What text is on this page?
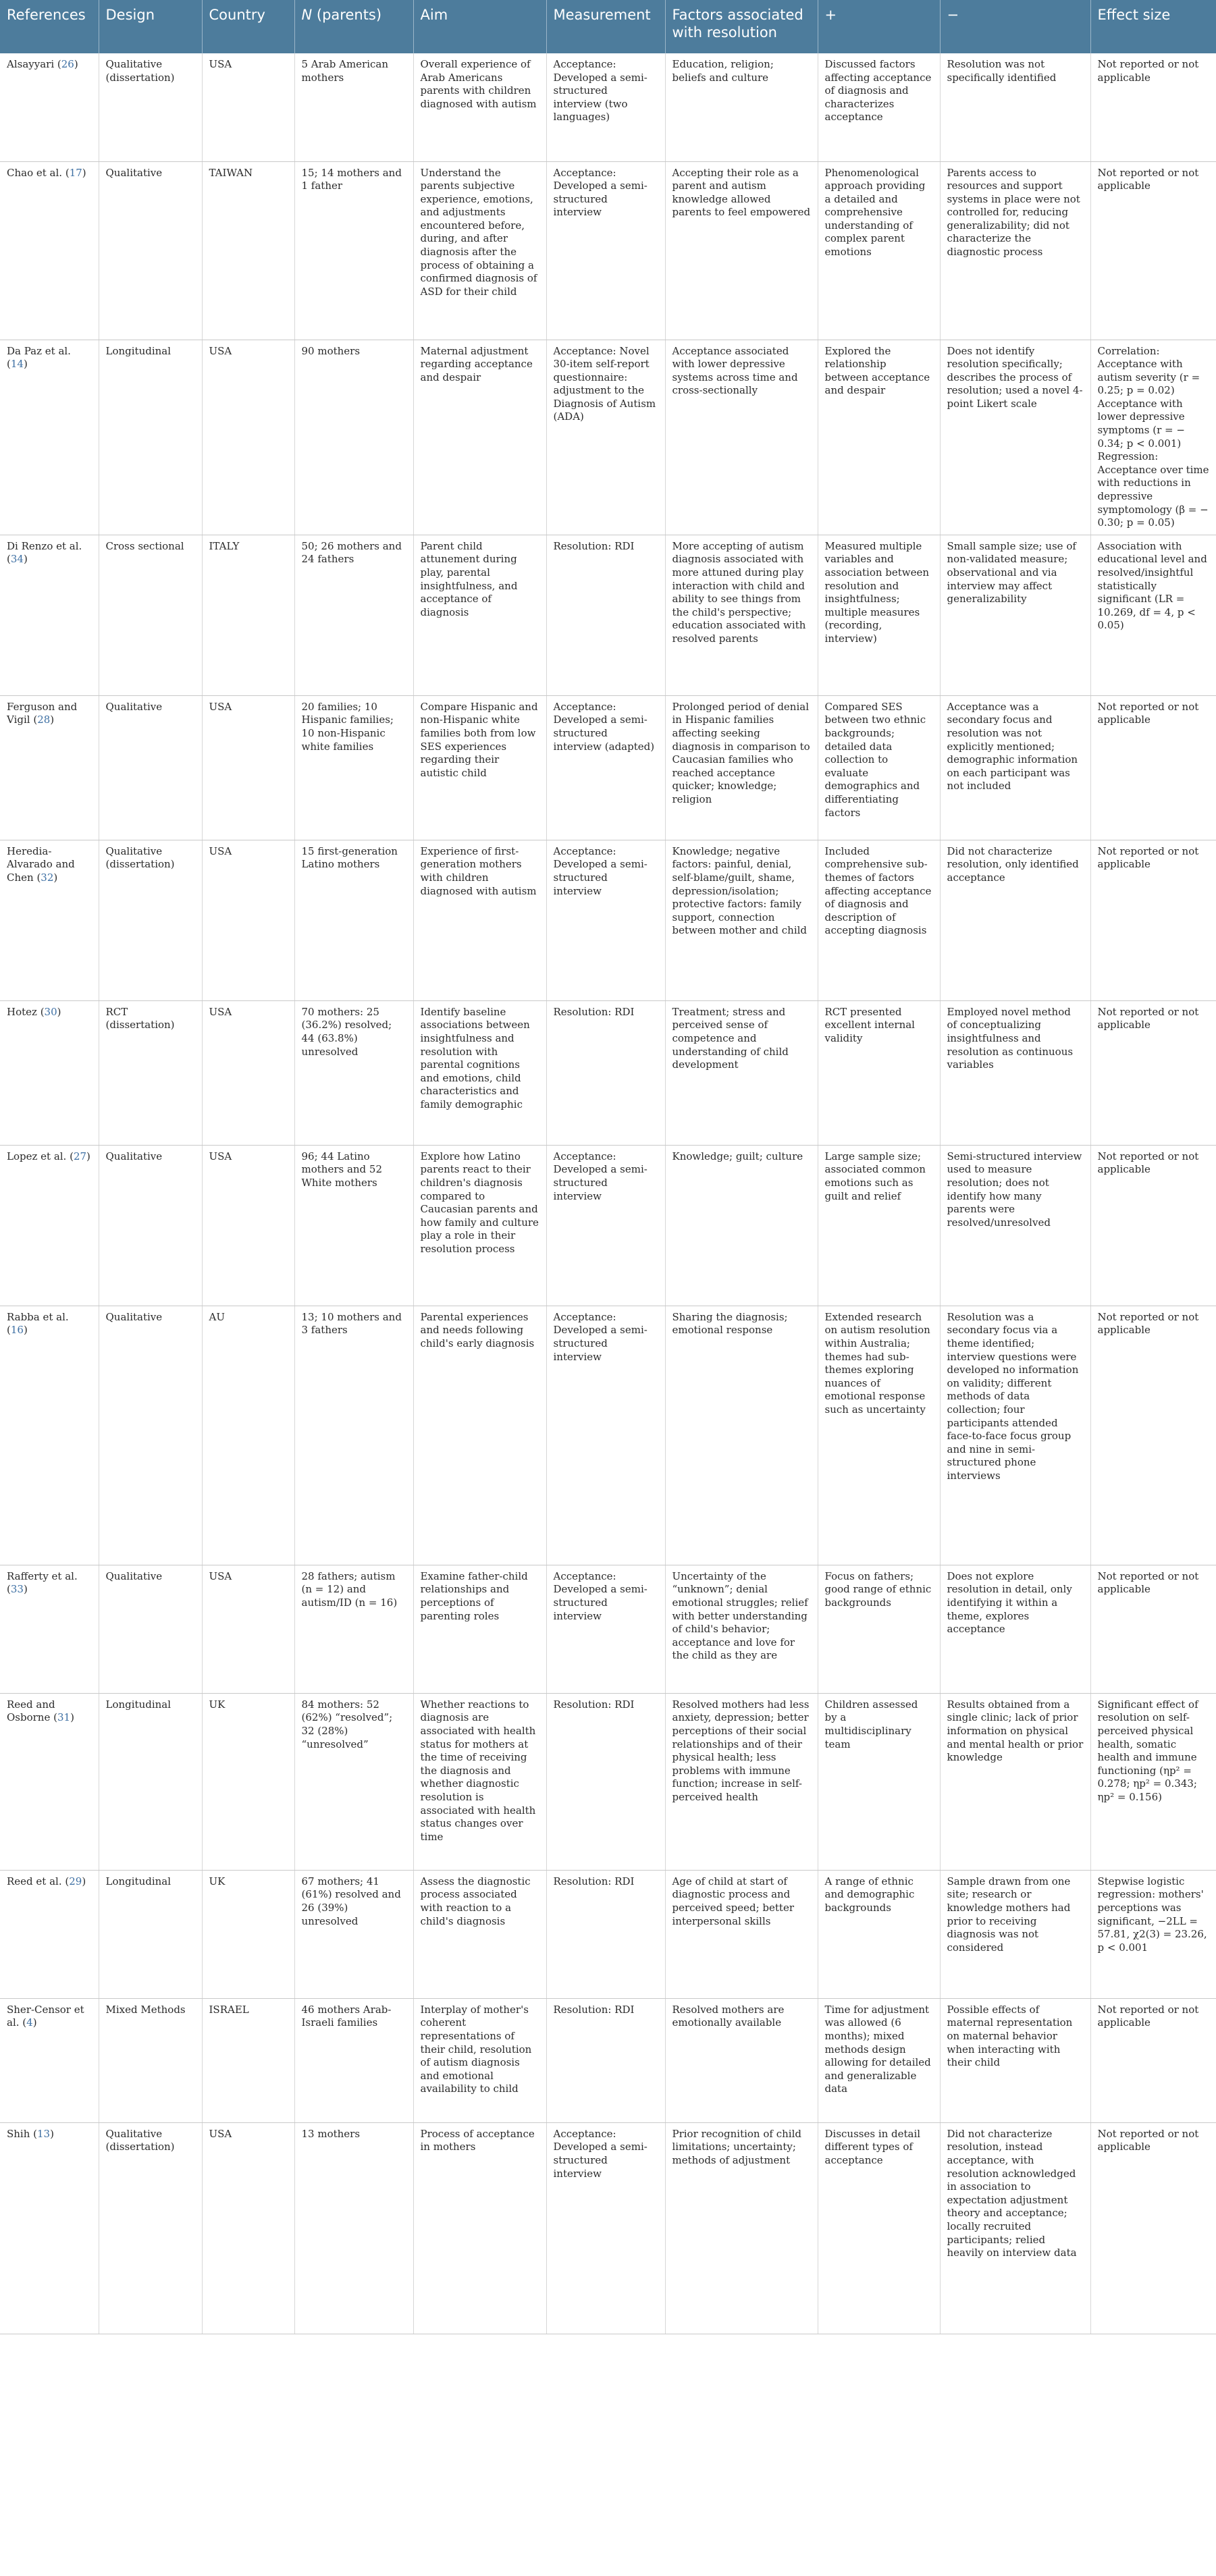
References	Design	Country	N (parents)	Aim	Measurement	Factors associated with resolution	+	−	Effect size
Alsayyari (26)	Qualitative (dissertation)	USA	5 Arab American mothers	Overall experience of Arab Americans parents with children diagnosed with autism	Acceptance: Developed a semi-structured interview (two languages)	Education, religion; beliefs and culture	Discussed factors affecting acceptance of diagnosis and characterizes acceptance	Resolution was not specifically identified	Not reported or not applicable
Chao et al. (17)	Qualitative	TAIWAN	15; 14 mothers and 1 father	Understand the parents subjective experience, emotions, and adjustments encountered before, during, and after diagnosis after the process of obtaining a confirmed diagnosis of ASD for their child	Acceptance: Developed a semi-structured interview	Accepting their role as a parent and autism knowledge allowed parents to feel empowered	Phenomenological approach providing a detailed and comprehensive understanding of complex parent emotions	Parents access to resources and support systems in place were not controlled for, reducing generalizability; did not characterize the diagnostic process	Not reported or not applicable
Da Paz et al. (14)	Longitudinal	USA	90 mothers	Maternal adjustment regarding acceptance and despair	Acceptance: Novel 30-item self-report questionnaire: adjustment to the Diagnosis of Autism (ADA)	Acceptance associated with lower depressive systems across time and cross-sectionally	Explored the relationship between acceptance and despair	Does not identify resolution specifically; describes the process of resolution; used a novel 4-point Likert scale	Correlation: Acceptance with autism severity (r = 0.25; p = 0.02) Acceptance with lower depressive symptoms (r = − 0.34; p < 0.001) Regression: Acceptance over time with reductions in depressive symptomology (β = − 0.30; p = 0.05)
Di Renzo et al. (34)	Cross sectional	ITALY	50; 26 mothers and 24 fathers	Parent child attunement during play, parental insightfulness, and acceptance of diagnosis	Resolution: RDI	More accepting of autism diagnosis associated with more attuned during play interaction with child and ability to see things from the child's perspective; education associated with resolved parents	Measured multiple variables and association between resolution and insightfulness; multiple measures (recording, interview)	Small sample size; use of non-validated measure; observational and via interview may affect generalizability	Association with educational level and resolved/insightful statistically significant (LR = 10.269, df = 4, p < 0.05)
Ferguson and Vigil (28)	Qualitative	USA	20 families; 10 Hispanic families; 10 non-Hispanic white families	Compare Hispanic and non-Hispanic white families both from low SES experiences regarding their autistic child	Acceptance: Developed a semi-structured interview (adapted)	Prolonged period of denial in Hispanic families affecting seeking diagnosis in comparison to Caucasian families who reached acceptance quicker; knowledge; religion	Compared SES between two ethnic backgrounds; detailed data collection to evaluate demographics and differentiating factors	Acceptance was a secondary focus and resolution was not explicitly mentioned; demographic information on each participant was not included	Not reported or not applicable
Heredia-Alvarado and Chen (32)	Qualitative (dissertation)	USA	15 first-generation Latino mothers	Experience of first-generation mothers with children diagnosed with autism	Acceptance: Developed a semi-structured interview	Knowledge; negative factors: painful, denial, self-blame/guilt, shame, depression/isolation; protective factors: family support, connection between mother and child	Included comprehensive sub-themes of factors affecting acceptance of diagnosis and description of accepting diagnosis	Did not characterize resolution, only identified acceptance	Not reported or not applicable
Hotez (30)	RCT (dissertation)	USA	70 mothers: 25 (36.2%) resolved; 44 (63.8%) unresolved	Identify baseline associations between insightfulness and resolution with parental cognitions and emotions, child characteristics and family demographic	Resolution: RDI	Treatment; stress and perceived sense of competence and understanding of child development	RCT presented excellent internal validity	Employed novel method of conceptualizing insightfulness and resolution as continuous variables	Not reported or not applicable
Lopez et al. (27)	Qualitative	USA	96; 44 Latino mothers and 52 White mothers	Explore how Latino parents react to their children's diagnosis compared to Caucasian parents and how family and culture play a role in their resolution process	Acceptance: Developed a semi-structured interview	Knowledge; guilt; culture	Large sample size; associated common emotions such as guilt and relief	Semi-structured interview used to measure resolution; does not identify how many parents were resolved/unresolved	Not reported or not applicable
Rabba et al. (16)	Qualitative	AU	13; 10 mothers and 3 fathers	Parental experiences and needs following child's early diagnosis	Acceptance: Developed a semi-structured interview	Sharing the diagnosis; emotional response	Extended research on autism resolution within Australia; themes had sub-themes exploring nuances of emotional response such as uncertainty	Resolution was a secondary focus via a theme identified; interview questions were developed no information on validity; different methods of data collection; four participants attended face-to-face focus group and nine in semi-structured phone interviews	Not reported or not applicable
Rafferty et al. (33)	Qualitative	USA	28 fathers; autism (n = 12) and autism/ID (n = 16)	Examine father-child relationships and perceptions of parenting roles	Acceptance: Developed a semi-structured interview	Uncertainty of the “unknown”; denial emotional struggles; relief with better understanding of child's behavior; acceptance and love for the child as they are	Focus on fathers; good range of ethnic backgrounds	Does not explore resolution in detail, only identifying it within a theme, explores acceptance	Not reported or not applicable
Reed and Osborne (31)	Longitudinal	UK	84 mothers: 52 (62%) “resolved”; 32 (28%) “unresolved”	Whether reactions to diagnosis are associated with health status for mothers at the time of receiving the diagnosis and whether diagnostic resolution is associated with health status changes over time	Resolution: RDI	Resolved mothers had less anxiety, depression; better perceptions of their social relationships and of their physical health; less problems with immune function; increase in self-perceived health	Children assessed by a multidisciplinary team	Results obtained from a single clinic; lack of prior information on physical and mental health or prior knowledge	Significant effect of resolution on self-perceived physical health, somatic health and immune functioning (ηp² = 0.278; ηp² = 0.343; ηp² = 0.156)
Reed et al. (29)	Longitudinal	UK	67 mothers; 41 (61%) resolved and 26 (39%) unresolved	Assess the diagnostic process associated with reaction to a child's diagnosis	Resolution: RDI	Age of child at start of diagnostic process and perceived speed; better interpersonal skills	A range of ethnic and demographic backgrounds	Sample drawn from one site; research or knowledge mothers had prior to receiving diagnosis was not considered	Stepwise logistic regression: mothers' perceptions was significant, −2LL = 57.81, χ2(3) = 23.26, p < 0.001
Sher-Censor et al. (4)	Mixed Methods	ISRAEL	46 mothers Arab-Israeli families	Interplay of mother's coherent representations of their child, resolution of autism diagnosis and emotional availability to child	Resolution: RDI	Resolved mothers are emotionally available	Time for adjustment was allowed (6 months); mixed methods design allowing for detailed and generalizable data	Possible effects of maternal representation on maternal behavior when interacting with their child	Not reported or not applicable
Shih (13)	Qualitative (dissertation)	USA	13 mothers	Process of acceptance in mothers	Acceptance: Developed a semi-structured interview	Prior recognition of child limitations; uncertainty; methods of adjustment	Discusses in detail different types of acceptance	Did not characterize resolution, instead acceptance, with resolution acknowledged in association to expectation adjustment theory and acceptance; locally recruited participants; relied heavily on interview data	Not reported or not applicable
